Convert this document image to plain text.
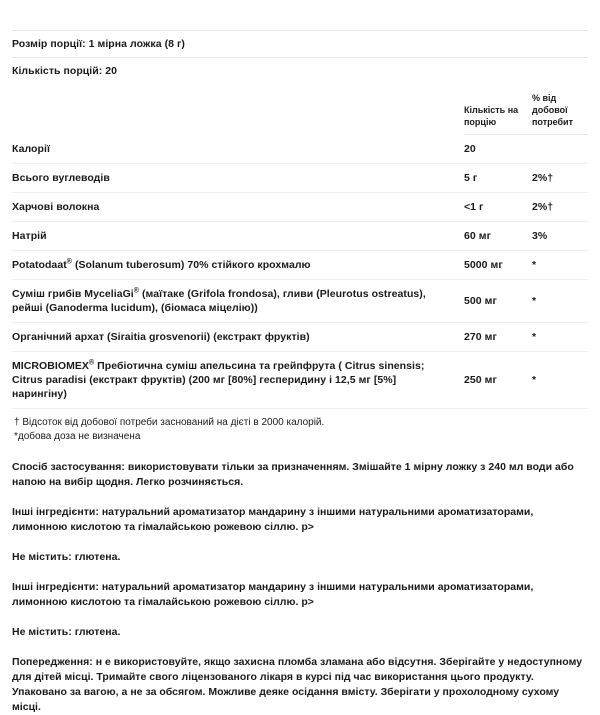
Розмір порції: 1 мірна ложка (8 г)
Кількість порцій: 20
	Кількість на порцію	% від добової потребит
Калорії	20	
Всього вуглеводів	5 г	2%†
Харчові волокна	<1 г	2%†
Натрій	60 мг	3%
Potatodaat® (Solanum tuberosum) 70% стійкого крохмалю	5000 мг	*
Суміш грибів MyceliaGi® (маїтаке (Grifola frondosa), гливи (Pleurotus ostreatus), рейші (Ganoderma lucidum), (біомаса міцелію))	500 мг	*
Органічний архат (Siraitia grosvenorii) (екстракт фруктів)	270 мг	*
MICROBIOMEX® Пребіотична суміш апельсина та грейпфрута ( Citrus sinensis; Citrus paradisi (екстракт фруктів) (200 мг [80%] гесперидину і 12,5 мг [5%] нарингіну)	250 мг	*
† Відсоток від добової потреби заснований на дієті в 2000 калорій.
*добова доза не визначена

Спосіб застосування: використовувати тільки за призначенням. Змішайте 1 мірну ложку з 240 мл води або напою на вибір щодня. Легко розчиняється.

Інші інгредієнти: натуральний ароматизатор мандарину з іншими натуральними ароматизаторами, лимонною кислотою та гімалайською рожевою сіллю. p>

Не містить: глютена.

Інші інгредієнти: натуральний ароматизатор мандарину з іншими натуральними ароматизаторами, лимонною кислотою та гімалайською рожевою сіллю. p>

Не містить: глютена.

Попередження: н е використовуйте, якщо захисна пломба зламана або відсутня. Зберігайте у недоступному для дітей місці. Тримайте свого ліцензованого лікаря в курсі під час використання цього продукту. Упаковано за вагою, а не за обсягом. Можливе деяке осідання вмісту. Зберігати у прохолодному сухому місці.
